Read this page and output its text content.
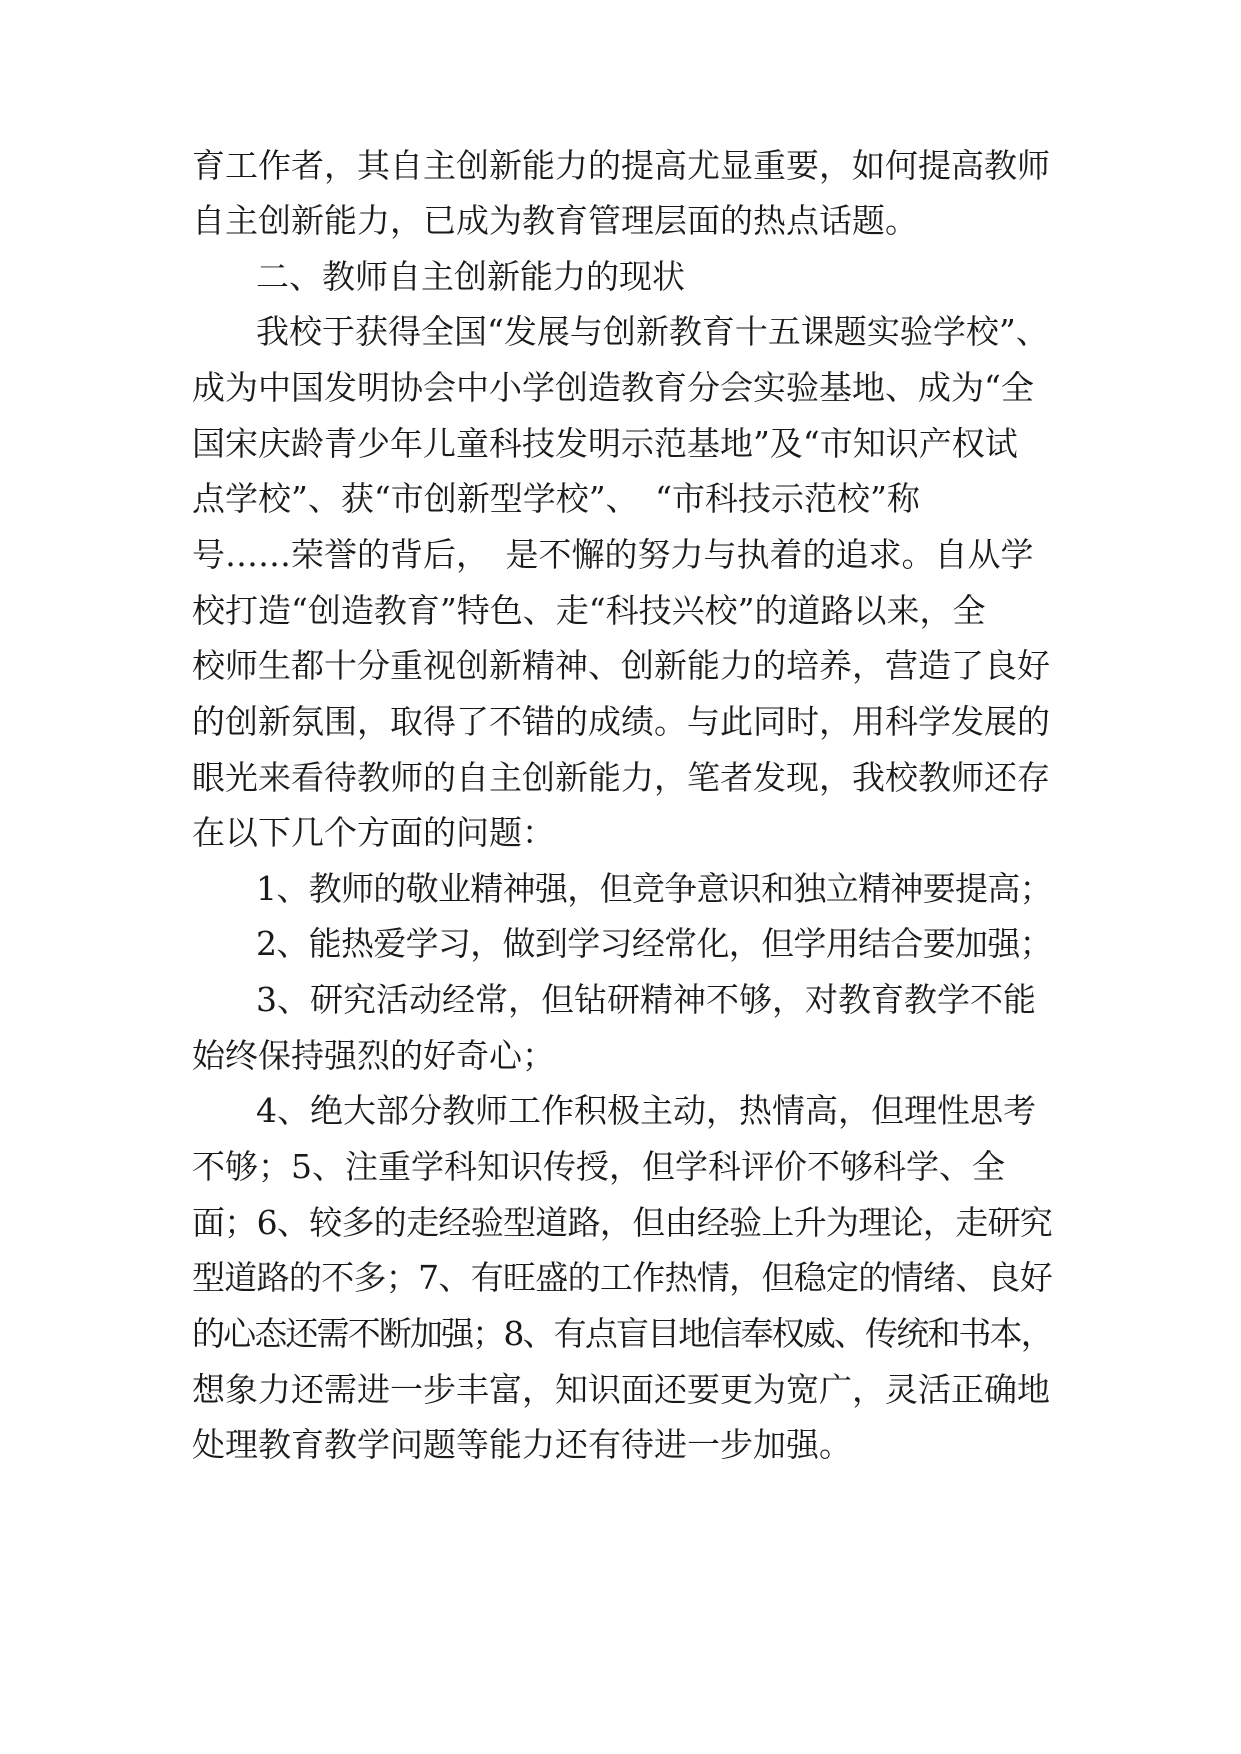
育工作者，其自主创新能力的提高尤显重要，如何提高教师
自主创新能力，已成为教育管理层面的热点话题。
二、教师自主创新能力的现状
我校于获得全国“发展与创新教育十五课题实验学校”、
成为中国发明协会中小学创造教育分会实验基地、成为“全
国宋庆龄青少年儿童科技发明示范基地”及“市知识产权试
点学校”、获“市创新型学校”、　“市科技示范校”称
号……荣誉的背后，　是不懈的努力与执着的追求。自从学
校打造“创造教育”特色、走“科技兴校”的道路以来，全
校师生都十分重视创新精神、创新能力的培养，营造了良好
的创新氛围，取得了不错的成绩。与此同时，用科学发展的
眼光来看待教师的自主创新能力，笔者发现，我校教师还存
在以下几个方面的问题：
1、教师的敬业精神强，但竞争意识和独立精神要提高；
2、能热爱学习，做到学习经常化，但学用结合要加强；
3、研究活动经常，但钻研精神不够，对教育教学不能
始终保持强烈的好奇心；
4、绝大部分教师工作积极主动，热情高，但理性思考
不够；5、注重学科知识传授，但学科评价不够科学、全
面；6、较多的走经验型道路，但由经验上升为理论，走研究
型道路的不多；7、有旺盛的工作热情，但稳定的情绪、良好
的心态还需不断加强；8、有点盲目地信奉权威、传统和书本，
想象力还需进一步丰富，知识面还要更为宽广，灵活正确地
处理教育教学问题等能力还有待进一步加强。
